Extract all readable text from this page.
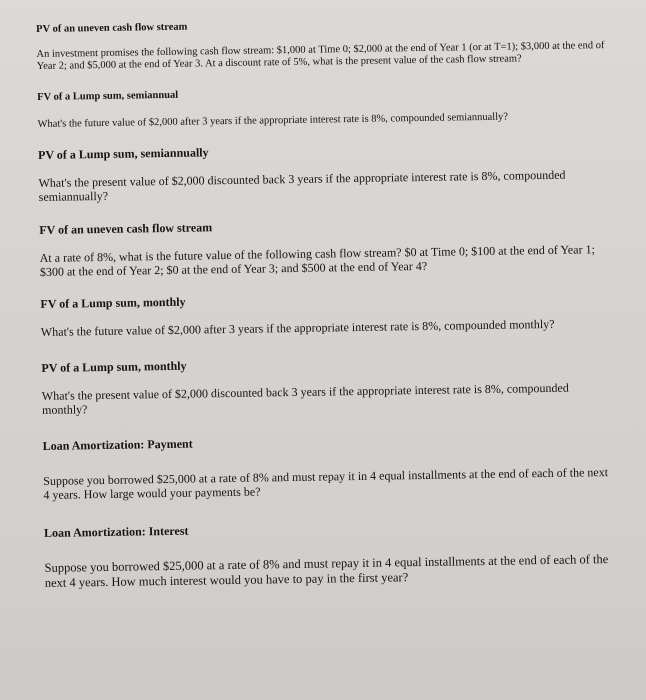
PV of an uneven cash flow stream

An investment promises the following cash flow stream: $1,000 at Time 0; $2,000 at the end of Year 1 (or at T=1); $3,000 at the end of Year 2; and $5,000 at the end of Year 3. At a discount rate of 5%, what is the present value of the cash flow stream?

FV of a Lump sum, semiannual

What's the future value of $2,000 after 3 years if the appropriate interest rate is 8%, compounded semiannually?

PV of a Lump sum, semiannually

What's the present value of $2,000 discounted back 3 years if the appropriate interest rate is 8%, compounded semiannually?

FV of an uneven cash flow stream

At a rate of 8%, what is the future value of the following cash flow stream? $0 at Time 0; $100 at the end of Year 1; $300 at the end of Year 2; $0 at the end of Year 3; and $500 at the end of Year 4?

FV of a Lump sum, monthly

What's the future value of $2,000 after 3 years if the appropriate interest rate is 8%, compounded monthly?

PV of a Lump sum, monthly

What's the present value of $2,000 discounted back 3 years if the appropriate interest rate is 8%, compounded monthly?

Loan Amortization: Payment

Suppose you borrowed $25,000 at a rate of 8% and must repay it in 4 equal installments at the end of each of the next 4 years. How large would your payments be?

Loan Amortization: Interest

Suppose you borrowed $25,000 at a rate of 8% and must repay it in 4 equal installments at the end of each of the next 4 years. How much interest would you have to pay in the first year?
